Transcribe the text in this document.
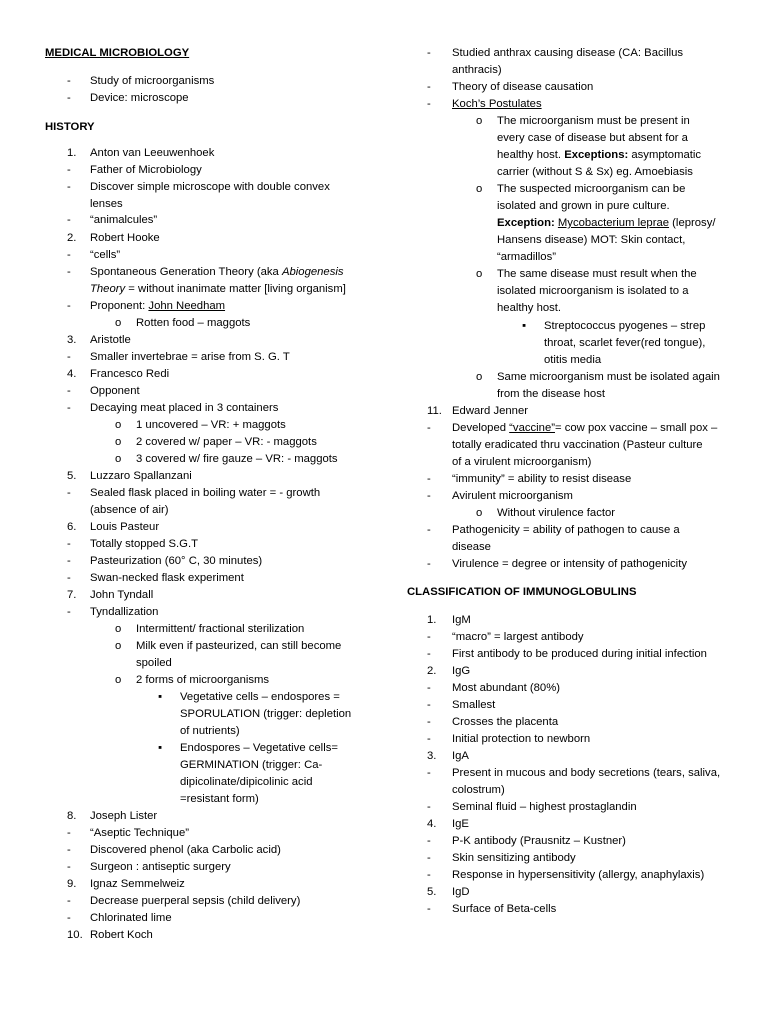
MEDICAL MICROBIOLOGY
- Study of microorganisms
- Device: microscope
HISTORY
1. Anton van Leeuwenhoek
- Father of Microbiology
- Discover simple microscope with double convex
lenses
- “animalcules”
2. Robert Hooke
- “cells”
- Spontaneous Generation Theory (aka Abiogenesis
Theory = without inanimate matter [living organism]
- Proponent: John Needham
o Rotten food – maggots
3. Aristotle
- Smaller invertebrae = arise from S. G. T
4. Francesco Redi
- Opponent
- Decaying meat placed in 3 containers
o 1 uncovered – VR: + maggots
o 2 covered w/ paper – VR: - maggots
o 3 covered w/ fire gauze – VR: - maggots
5. Luzzaro Spallanzani
- Sealed flask placed in boiling water = - growth
(absence of air)
6. Louis Pasteur
- Totally stopped S.G.T
- Pasteurization (60° C, 30 minutes)
- Swan-necked flask experiment
7. John Tyndall
- Tyndallization
o Intermittent/ fractional sterilization
o Milk even if pasteurized, can still become
spoiled
o 2 forms of microorganisms
▪ Vegetative cells – endospores =
SPORULATION (trigger: depletion
of nutrients)
▪ Endospores – Vegetative cells=
GERMINATION (trigger: Ca-
dipicolinate/dipicolinic acid
=resistant form)
8. Joseph Lister
- “Aseptic Technique”
- Discovered phenol (aka Carbolic acid)
- Surgeon : antiseptic surgery
9. Ignaz Semmelweiz
- Decrease puerperal sepsis (child delivery)
- Chlorinated lime
10. Robert Koch
- Studied anthrax causing disease (CA: Bacillus
anthracis)
- Theory of disease causation
- Koch’s Postulates
o The microorganism must be present in
every case of disease but absent for a
healthy host. Exceptions: asymptomatic
carrier (without S & Sx) eg. Amoebiasis
o The suspected microorganism can be
isolated and grown in pure culture.
Exception: Mycobacterium leprae (leprosy/
Hansens disease) MOT: Skin contact,
“armadillos”
o The same disease must result when the
isolated microorganism is isolated to a
healthy host.
▪ Streptococcus pyogenes – strep
throat, scarlet fever(red tongue),
otitis media
o Same microorganism must be isolated again
from the disease host
11. Edward Jenner
- Developed “vaccine”= cow pox vaccine – small pox –
totally eradicated thru vaccination (Pasteur culture
of a virulent microorganism)
- “immunity” = ability to resist disease
- Avirulent microorganism
o Without virulence factor
- Pathogenicity = ability of pathogen to cause a
disease
- Virulence = degree or intensity of pathogenicity
CLASSIFICATION OF IMMUNOGLOBULINS
1. IgM
- “macro” = largest antibody
- First antibody to be produced during initial infection
2. IgG
- Most abundant (80%)
- Smallest
- Crosses the placenta
- Initial protection to newborn
3. IgA
- Present in mucous and body secretions (tears, saliva,
colostrum)
- Seminal fluid – highest prostaglandin
4. IgE
- P-K antibody (Prausnitz – Kustner)
- Skin sensitizing antibody
- Response in hypersensitivity (allergy, anaphylaxis)
5. IgD
- Surface of Beta-cells
